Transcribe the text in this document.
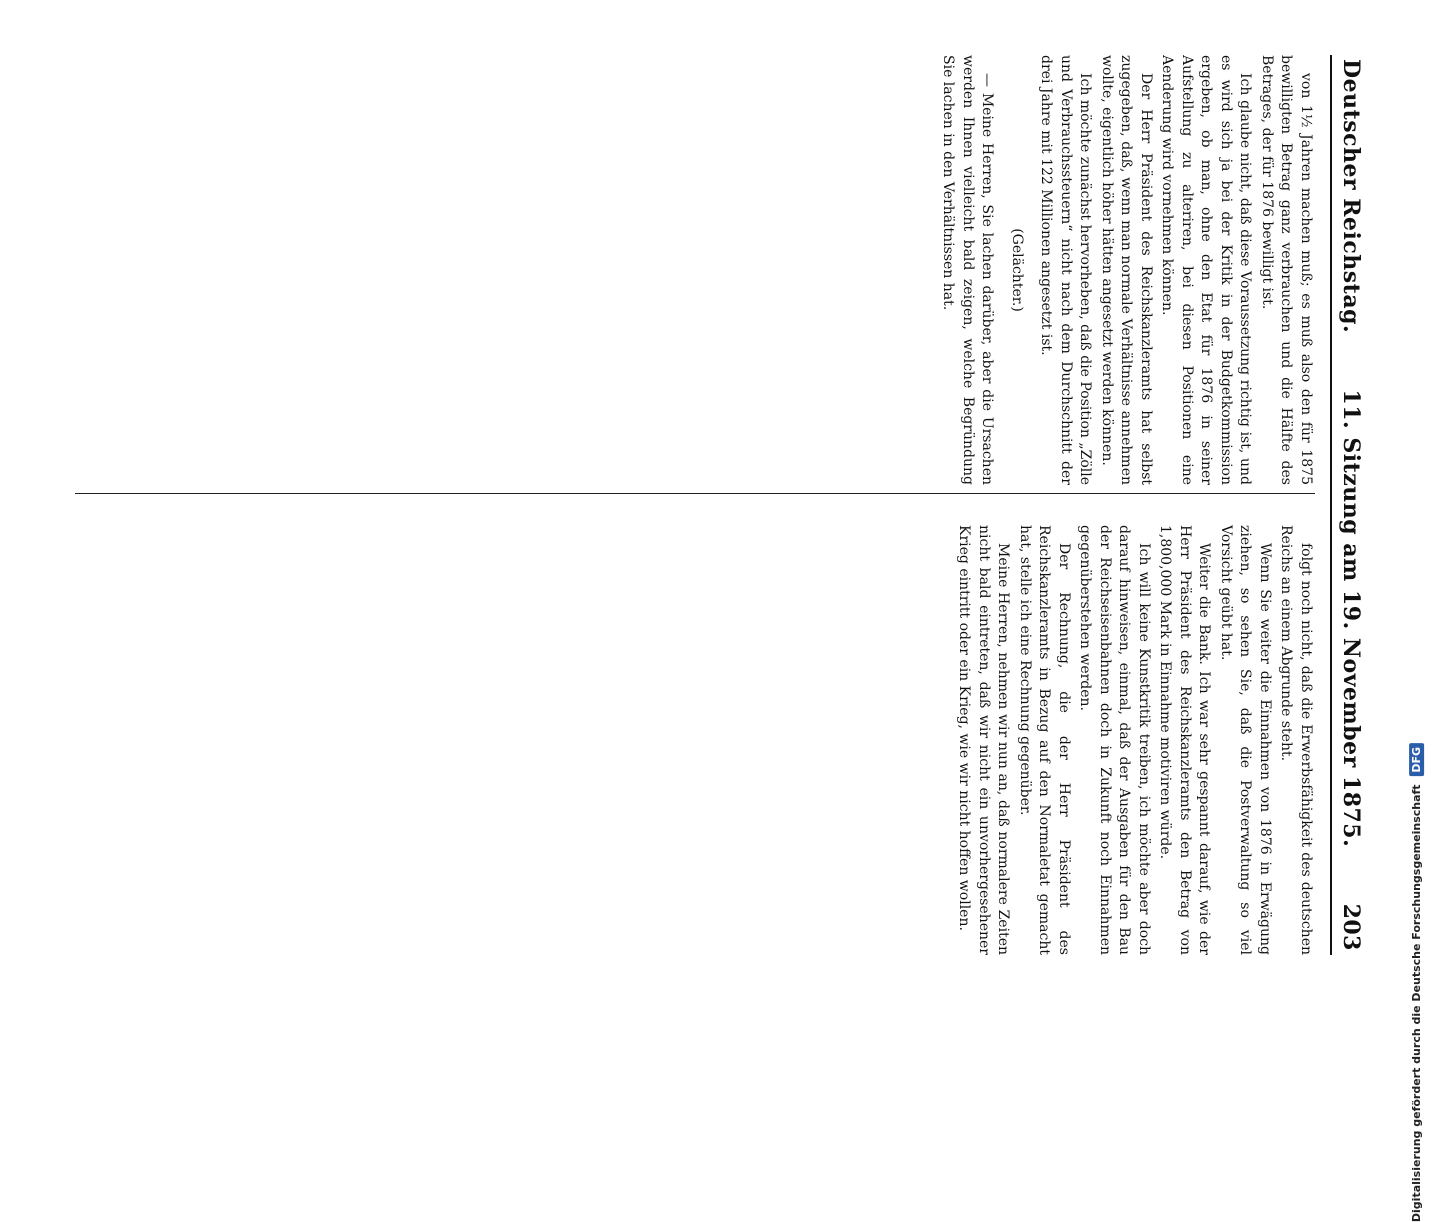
Deutscher Reichstag.
11. Sitzung am 19. November 1875.
203

von 1½ Jahren machen muß; es muß also den für 1875 bewilligten Betrag ganz verbrauchen und die Hälfte des Betrages, der für 1876 bewilligt ist.

Ich glaube nicht, daß diese Voraussetzung richtig ist, und es wird sich ja bei der Kritik in der Budgetkommission ergeben, ob man, ohne den Etat für 1876 in seiner Aufstellung zu alteriren, bei diesen Positionen eine Aenderung wird vornehmen können.

Der Herr Präsident des Reichskanzleramts hat selbst zugegeben, daß, wenn man normale Verhältnisse annehmen wollte, eigentlich höher hätten angesetzt werden können.

Ich möchte zunächst hervorheben, daß die Position „Zölle und Verbrauchssteuern“ nicht nach dem Durchschnitt der drei Jahre mit 122 Millionen angesetzt ist.

(Gelächter.)

— Meine Herren, Sie lachen darüber, aber die Ursachen werden Ihnen vielleicht bald zeigen, welche Begründung Sie lachen in den Verhältnissen hat.

folgt noch nicht, daß die Erwerbsfähigkeit des deutschen Reichs an einem Abgrunde steht.

Wenn Sie weiter die Einnahmen von 1876 in Erwägung ziehen, so sehen Sie, daß die Postverwaltung so viel Vorsicht geübt hat.

Weiter die Bank. Ich war sehr gespannt darauf, wie der Herr Präsident des Reichskanzleramts den Betrag von 1,800,000 Mark in Einnahme motiviren würde.

Ich will keine Kunstkritik treiben, ich möchte aber doch darauf hinweisen, einmal, daß der Ausgaben für den Bau der Reichseisenbahnen doch in Zukunft noch Einnahmen gegenüberstehen werden.

Der Rechnung, die der Herr Präsident des Reichskanzleramts in Bezug auf den Normaletat gemacht hat, stelle ich eine Rechnung gegenüber.

Meine Herren, nehmen wir nun an, daß normalere Zeiten nicht bald eintreten, daß wir nicht ein unvorhergesehener Krieg eintritt oder ein Krieg, wie wir nicht hoffen wollen.

Digitalisierung gefördert durch die Deutsche Forschungsgemeinschaft DFG
